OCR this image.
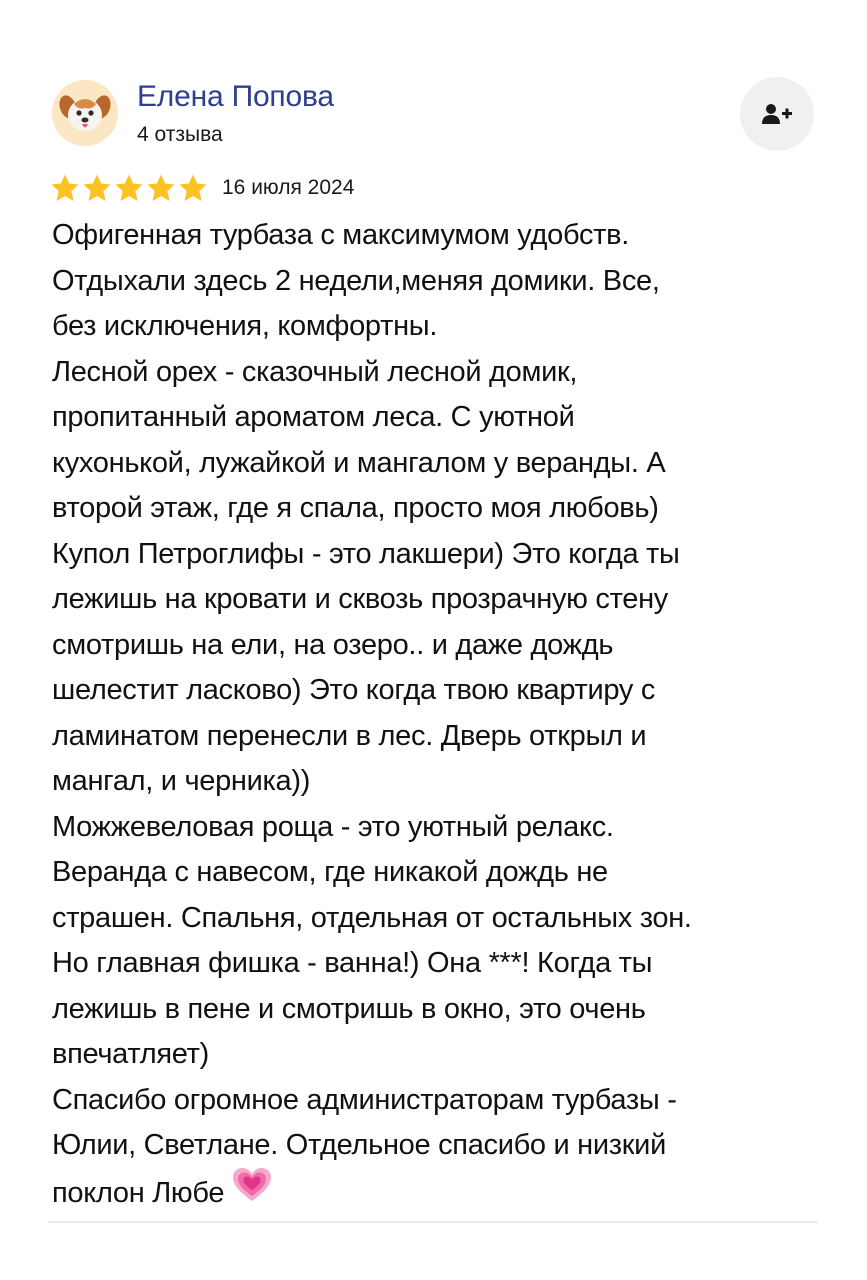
Елена Попова
4 отзыва
16 июля 2024
Офигенная турбаза с максимумом удобств.
Отдыхали здесь 2 недели,меняя домики. Все,
без исключения, комфортны.
Лесной орех - сказочный лесной домик,
пропитанный ароматом леса. С уютной
кухонькой, лужайкой и мангалом у веранды. А
второй этаж, где я спала, просто моя любовь)
Купол Петроглифы - это лакшери) Это когда ты
лежишь на кровати и сквозь прозрачную стену
смотришь на ели, на озеро.. и даже дождь
шелестит ласково) Это когда твою квартиру с
ламинатом перенесли в лес. Дверь открыл и
мангал, и черника))
Можжевеловая роща - это уютный релакс.
Веранда с навесом, где никакой дождь не
страшен. Спальня, отдельная от остальных зон.
Но главная фишка - ванна!) Она ***! Когда ты
лежишь в пене и смотришь в окно, это очень
впечатляет)
Спасибо огромное администраторам турбазы -
Юлии, Светлане. Отдельное спасибо и низкий
поклон Любе
